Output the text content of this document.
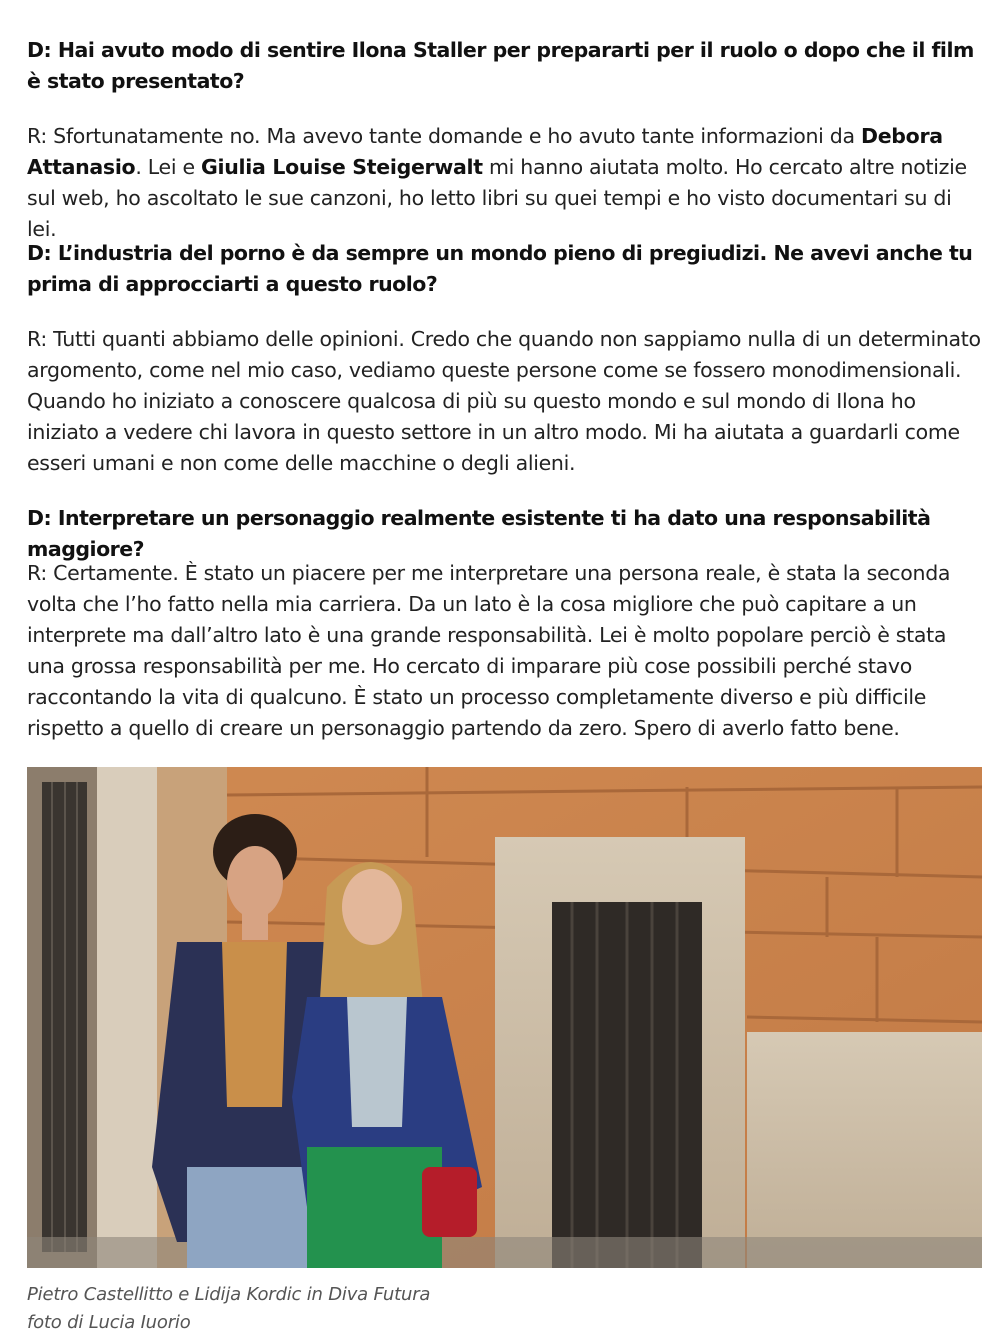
D: Hai avuto modo di sentire Ilona Staller per prepararti per il ruolo o dopo che il film è stato presentato?

R: Sfortunatamente no. Ma avevo tante domande e ho avuto tante informazioni da Debora Attanasio. Lei e Giulia Louise Steigerwalt mi hanno aiutata molto. Ho cercato altre notizie sul web, ho ascoltato le sue canzoni, ho letto libri su quei tempi e ho visto documentari su di lei.

D: L’industria del porno è da sempre un mondo pieno di pregiudizi. Ne avevi anche tu prima di approcciarti a questo ruolo?

R: Tutti quanti abbiamo delle opinioni. Credo che quando non sappiamo nulla di un determinato argomento, come nel mio caso, vediamo queste persone come se fossero monodimensionali. Quando ho iniziato a conoscere qualcosa di più su questo mondo e sul mondo di Ilona ho iniziato a vedere chi lavora in questo settore in un altro modo. Mi ha aiutata a guardarli come esseri umani e non come delle macchine o degli alieni.

D: Interpretare un personaggio realmente esistente ti ha dato una responsabilità maggiore?

R: Certamente. È stato un piacere per me interpretare una persona reale, è stata la seconda volta che l’ho fatto nella mia carriera. Da un lato è la cosa migliore che può capitare a un interprete ma dall’altro lato è una grande responsabilità. Lei è molto popolare perciò è stata una grossa responsabilità per me. Ho cercato di imparare più cose possibili perché stavo raccontando la vita di qualcuno. È stato un processo completamente diverso e più difficile rispetto a quello di creare un personaggio partendo da zero. Spero di averlo fatto bene.

Pietro Castellitto e Lidija Kordic in Diva Futura
foto di Lucia Iuorio
